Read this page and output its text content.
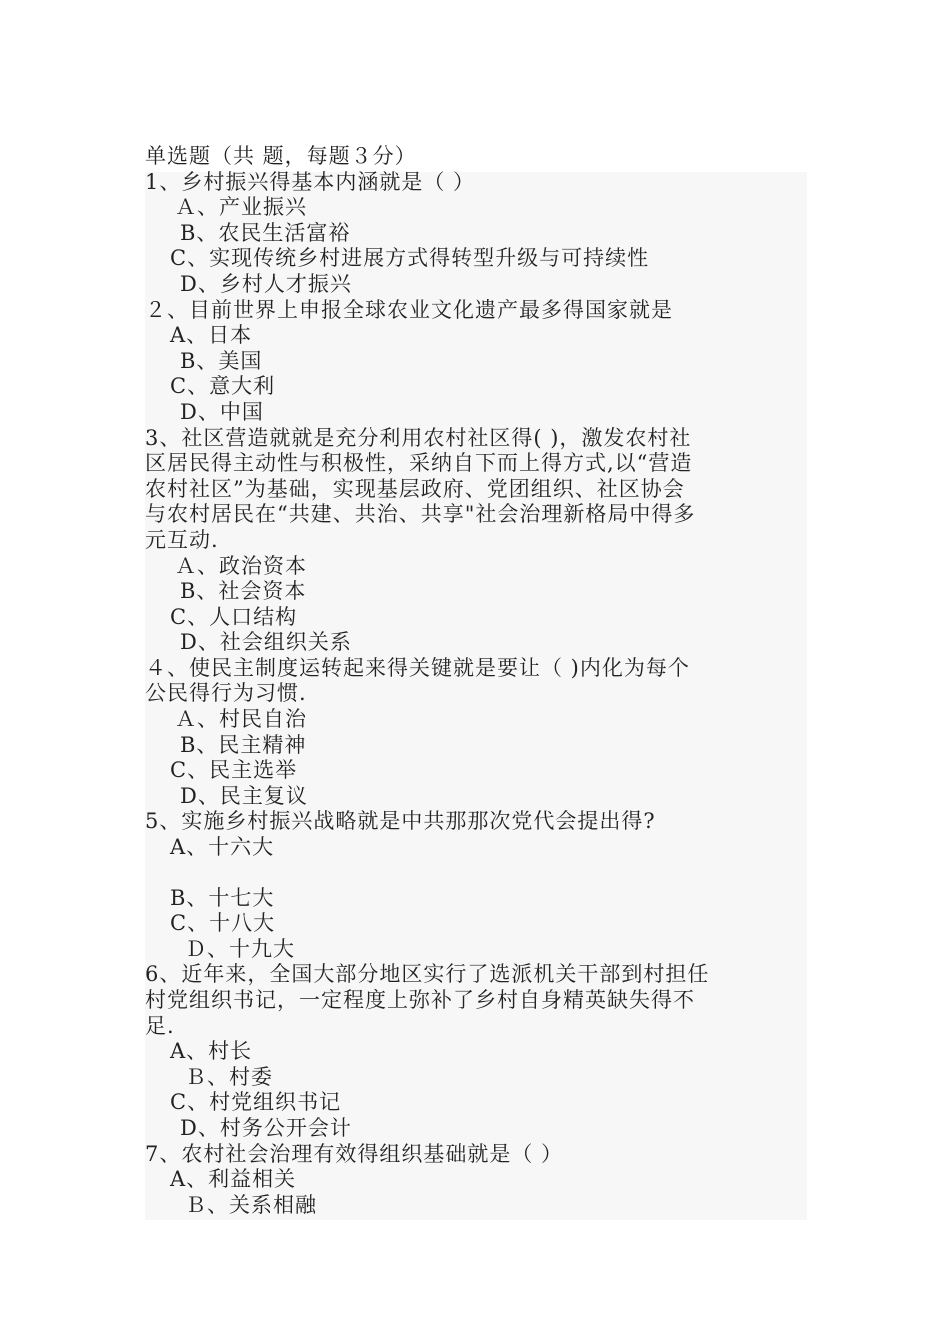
单选题（共 题，每题３分）
1、乡村振兴得基本内涵就是（ ）
Ａ、产业振兴
B、农民生活富裕
C、实现传统乡村进展方式得转型升级与可持续性
D、乡村人才振兴
２、目前世界上申报全球农业文化遗产最多得国家就是
A、日本
B、美国
C、意大利
D、中国
3、社区营造就就是充分利用农村社区得( )，激发农村社
区居民得主动性与积极性，采纳自下而上得方式,以“营造
农村社区”为基础，实现基层政府、党团组织、社区协会
与农村居民在“共建、共治、共享"社会治理新格局中得多
元互动.
Ａ、政治资本
B、社会资本
C、人口结构
D、社会组织关系
４、使民主制度运转起来得关键就是要让（ )内化为每个
公民得行为习惯.
Ａ、村民自治
B、民主精神
C、民主选举
D、民主复议
5、实施乡村振兴战略就是中共那那次党代会提出得?
A、十六大
B、十七大
C、十八大
Ｄ、十九大
6、近年来，全国大部分地区实行了选派机关干部到村担任
村党组织书记，一定程度上弥补了乡村自身精英缺失得不
足.
A、村长
Ｂ、村委
C、村党组织书记
D、村务公开会计
7、农村社会治理有效得组织基础就是（ ）
A、利益相关
Ｂ、关系相融
